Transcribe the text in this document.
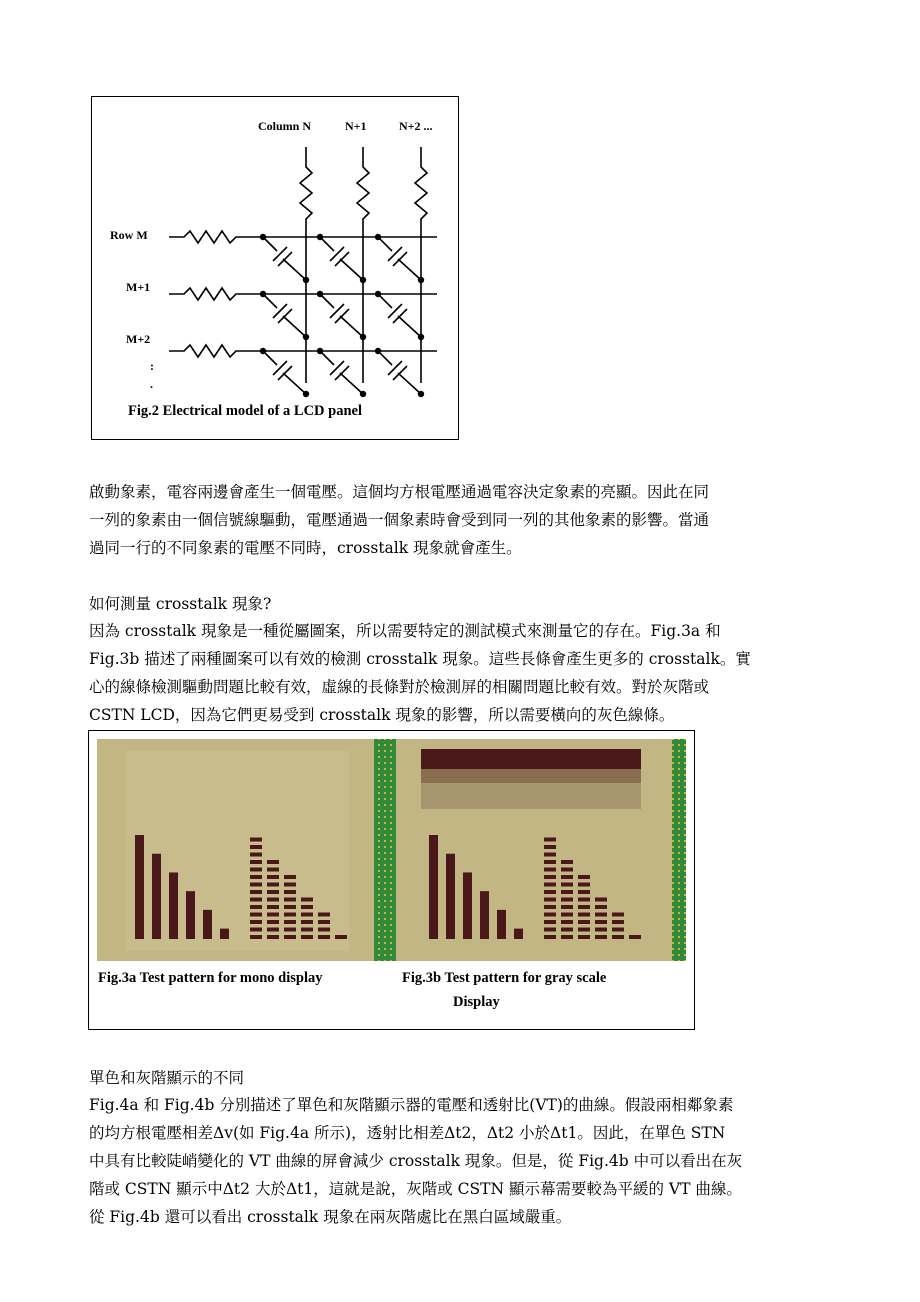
Column N	N+1	N+2 ...
Row M
M+1
M+2
:
.
Fig.2 Electrical model of a LCD panel
啟動象素，電容兩邊會產生一個電壓。這個均方根電壓通過電容決定象素的亮顯。因此在同
一列的象素由一個信號線驅動，電壓通過一個象素時會受到同一列的其他象素的影響。當通
過同一行的不同象素的電壓不同時，crosstalk 現象就會產生。
如何測量 crosstalk 現象?
因為 crosstalk 現象是一種從屬圖案，所以需要特定的測試模式來測量它的存在。Fig.3a 和
Fig.3b 描述了兩種圖案可以有效的檢測 crosstalk 現象。這些長條會產生更多的 crosstalk。實
心的線條檢測驅動問題比較有效，虛線的長條對於檢測屏的相關問題比較有效。對於灰階或
CSTN LCD，因為它們更易受到 crosstalk 現象的影響，所以需要橫向的灰色線條。
Fig.3a Test pattern for mono display	Fig.3b Test pattern for gray scale
Display
單色和灰階顯示的不同
Fig.4a 和 Fig.4b 分別描述了單色和灰階顯示器的電壓和透射比(VT)的曲線。假設兩相鄰象素
的均方根電壓相差Δv(如 Fig.4a 所示)，透射比相差Δt2，Δt2 小於Δt1。因此，在單色 STN
中具有比較陡峭變化的 VT 曲線的屏會減少 crosstalk 現象。但是，從 Fig.4b 中可以看出在灰
階或 CSTN 顯示中Δt2 大於Δt1，這就是說，灰階或 CSTN 顯示幕需要較為平緩的 VT 曲線。
從 Fig.4b 還可以看出 crosstalk 現象在兩灰階處比在黑白區域嚴重。
